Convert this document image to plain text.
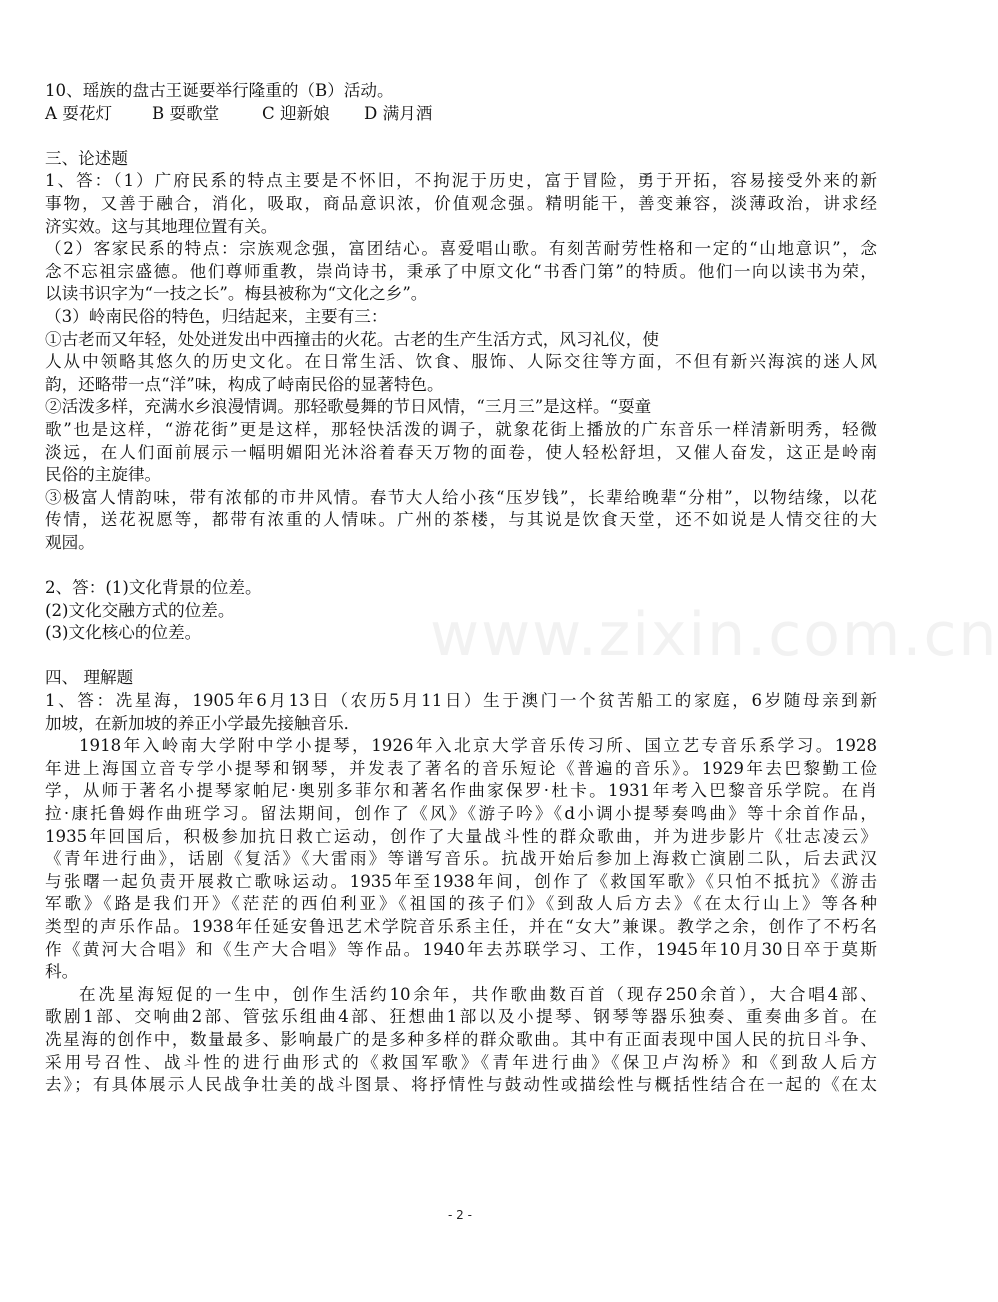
www.zixin.com.cn

10、瑶族的盘古王诞要举行隆重的（B）活动。

A 耍花灯 B 耍歌堂	C 迎新娘 D 满月酒

三、论述题

1、答：（1）广府民系的特点主要是不怀旧，不拘泥于历史，富于冒险，勇于开拓，容易接受外来的新

事物，又善于融合，消化，吸取，商品意识浓，价值观念强。精明能干，善变兼容，淡薄政治，讲求经

济实效。这与其地理位置有关。

（2）客家民系的特点：宗族观念强，富团结心。喜爱唱山歌。有刻苦耐劳性格和一定的“山地意识”，念

念不忘祖宗盛德。他们尊师重教，崇尚诗书，秉承了中原文化“书香门第”的特质。他们一向以读书为荣，

以读书识字为“一技之长”。梅县被称为“文化之乡”。

（3）岭南民俗的特色，归结起来，主要有三：

①古老而又年轻，处处迸发出中西撞击的火花。古老的生产生活方式，风习礼仪，使

人从中领略其悠久的历史文化。在日常生活、饮食、服饰、人际交往等方面，不但有新兴海滨的迷人风

韵，还略带一点“洋”味，构成了峙南民俗的显著特色。

②活泼多样，充满水乡浪漫情调。那轻歌曼舞的节日风情，“三月三”是这样。“耍童

歌”也是这样，“游花街”更是这样，那轻快活泼的调子，就象花街上播放的广东音乐一样清新明秀，轻微

淡远，在人们面前展示一幅明媚阳光沐浴着春天万物的面卷，使人轻松舒坦，又催人奋发，这正是岭南

民俗的主旋律。

③极富人情韵味，带有浓郁的市井风情。春节大人给小孩“压岁钱”，长辈给晚辈“分柑”，以物结缘，以花

传情，送花祝愿等，都带有浓重的人情味。广州的茶楼，与其说是饮食天堂，还不如说是人情交往的大

观园。

2、答：(1)文化背景的位差。

(2)文化交融方式的位差。

(3)文化核心的位差。

四、 理解题

1、答：冼星海，1905年6月13日（农历5月11日）生于澳门一个贫苦船工的家庭，6岁随母亲到新

加坡，在新加坡的养正小学最先接触音乐．

1918年入岭南大学附中学小提琴，1926年入北京大学音乐传习所、国立艺专音乐系学习。1928

年进上海国立音专学小提琴和钢琴，并发表了著名的音乐短论《普遍的音乐》。1929年去巴黎勤工俭

学，从师于著名小提琴家帕尼·奥别多菲尔和著名作曲家保罗·杜卡。1931年考入巴黎音乐学院。在肖

拉·康托鲁姆作曲班学习。留法期间，创作了《风》《游子吟》《d小调小提琴奏鸣曲》等十余首作品，

1935年回国后，积极参加抗日救亡运动，创作了大量战斗性的群众歌曲，并为进步影片《壮志凌云》

《青年进行曲》，话剧《复活》《大雷雨》等谱写音乐。抗战开始后参加上海救亡演剧二队，后去武汉

与张曙一起负责开展救亡歌咏运动。1935年至1938年间，创作了《救国军歌》《只怕不抵抗》《游击

军歌》《路是我们开》《茫茫的西伯利亚》《祖国的孩子们》《到敌人后方去》《在太行山上》等各种

类型的声乐作品。1938年任延安鲁迅艺术学院音乐系主任，并在“女大”兼课。教学之余，创作了不朽名

作《黄河大合唱》和《生产大合唱》等作品。1940年去苏联学习、工作，1945年10月30日卒于莫斯

科。

在冼星海短促的一生中，创作生活约10余年，共作歌曲数百首（现存250余首），大合唱4部、

歌剧1部、交响曲2部、管弦乐组曲4部、狂想曲1部以及小提琴、钢琴等器乐独奏、重奏曲多首。在

冼星海的创作中，数量最多、影响最广的是多种多样的群众歌曲。其中有正面表现中国人民的抗日斗争、

采用号召性、战斗性的进行曲形式的《救国军歌》《青年进行曲》《保卫卢沟桥》和《到敌人后方

去》；有具体展示人民战争壮美的战斗图景、将抒情性与鼓动性或描绘性与概括性结合在一起的《在太

- 2 -
